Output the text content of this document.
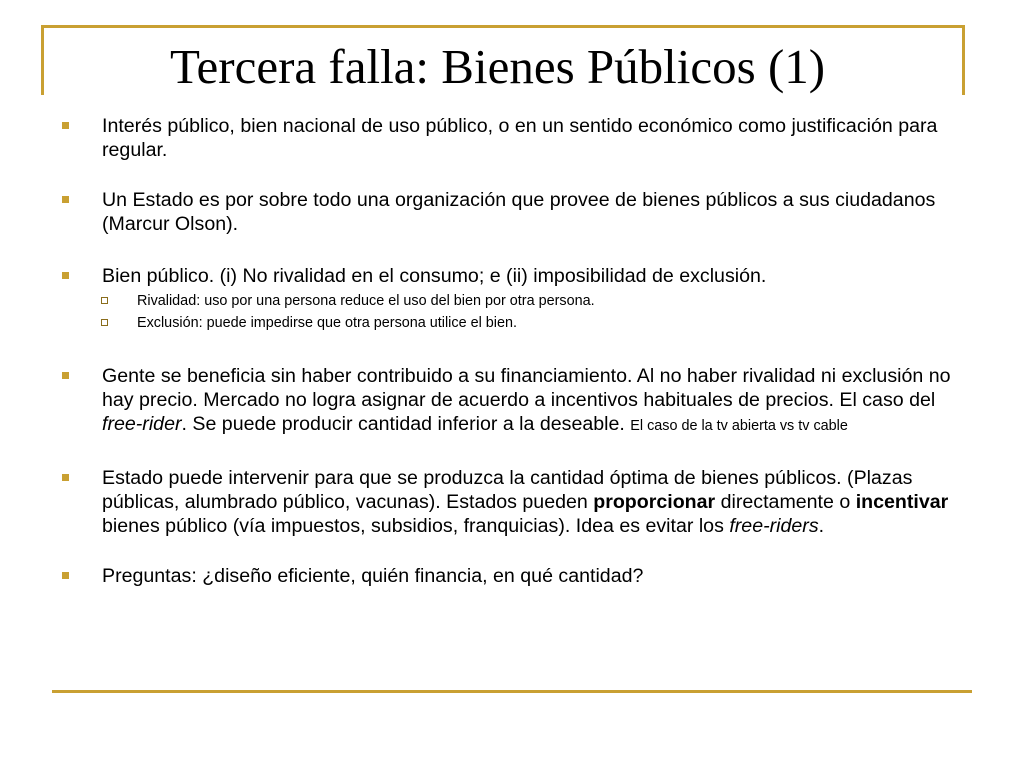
Tercera falla: Bienes Públicos (1)
Interés público, bien nacional de uso público, o en un sentido económico como justificación para regular.
Un Estado es por sobre todo una organización que provee de bienes públicos a sus ciudadanos (Marcur Olson).
Bien público. (i) No rivalidad en el consumo; e (ii) imposibilidad de exclusión.
Rivalidad: uso por una persona reduce el uso del bien por otra persona.
Exclusión: puede impedirse que otra persona utilice el bien.
Gente se beneficia sin haber contribuido a su financiamiento. Al no haber rivalidad ni exclusión no hay precio. Mercado no logra asignar de acuerdo a incentivos habituales de precios. El caso del free-rider. Se puede producir cantidad inferior a la deseable. El caso de la tv abierta vs tv cable
Estado puede intervenir para que se produzca la cantidad óptima de bienes públicos. (Plazas públicas, alumbrado público, vacunas). Estados pueden proporcionar directamente o incentivar bienes público (vía impuestos, subsidios, franquicias). Idea es evitar los free-riders.
Preguntas: ¿diseño eficiente, quién financia, en qué cantidad?
